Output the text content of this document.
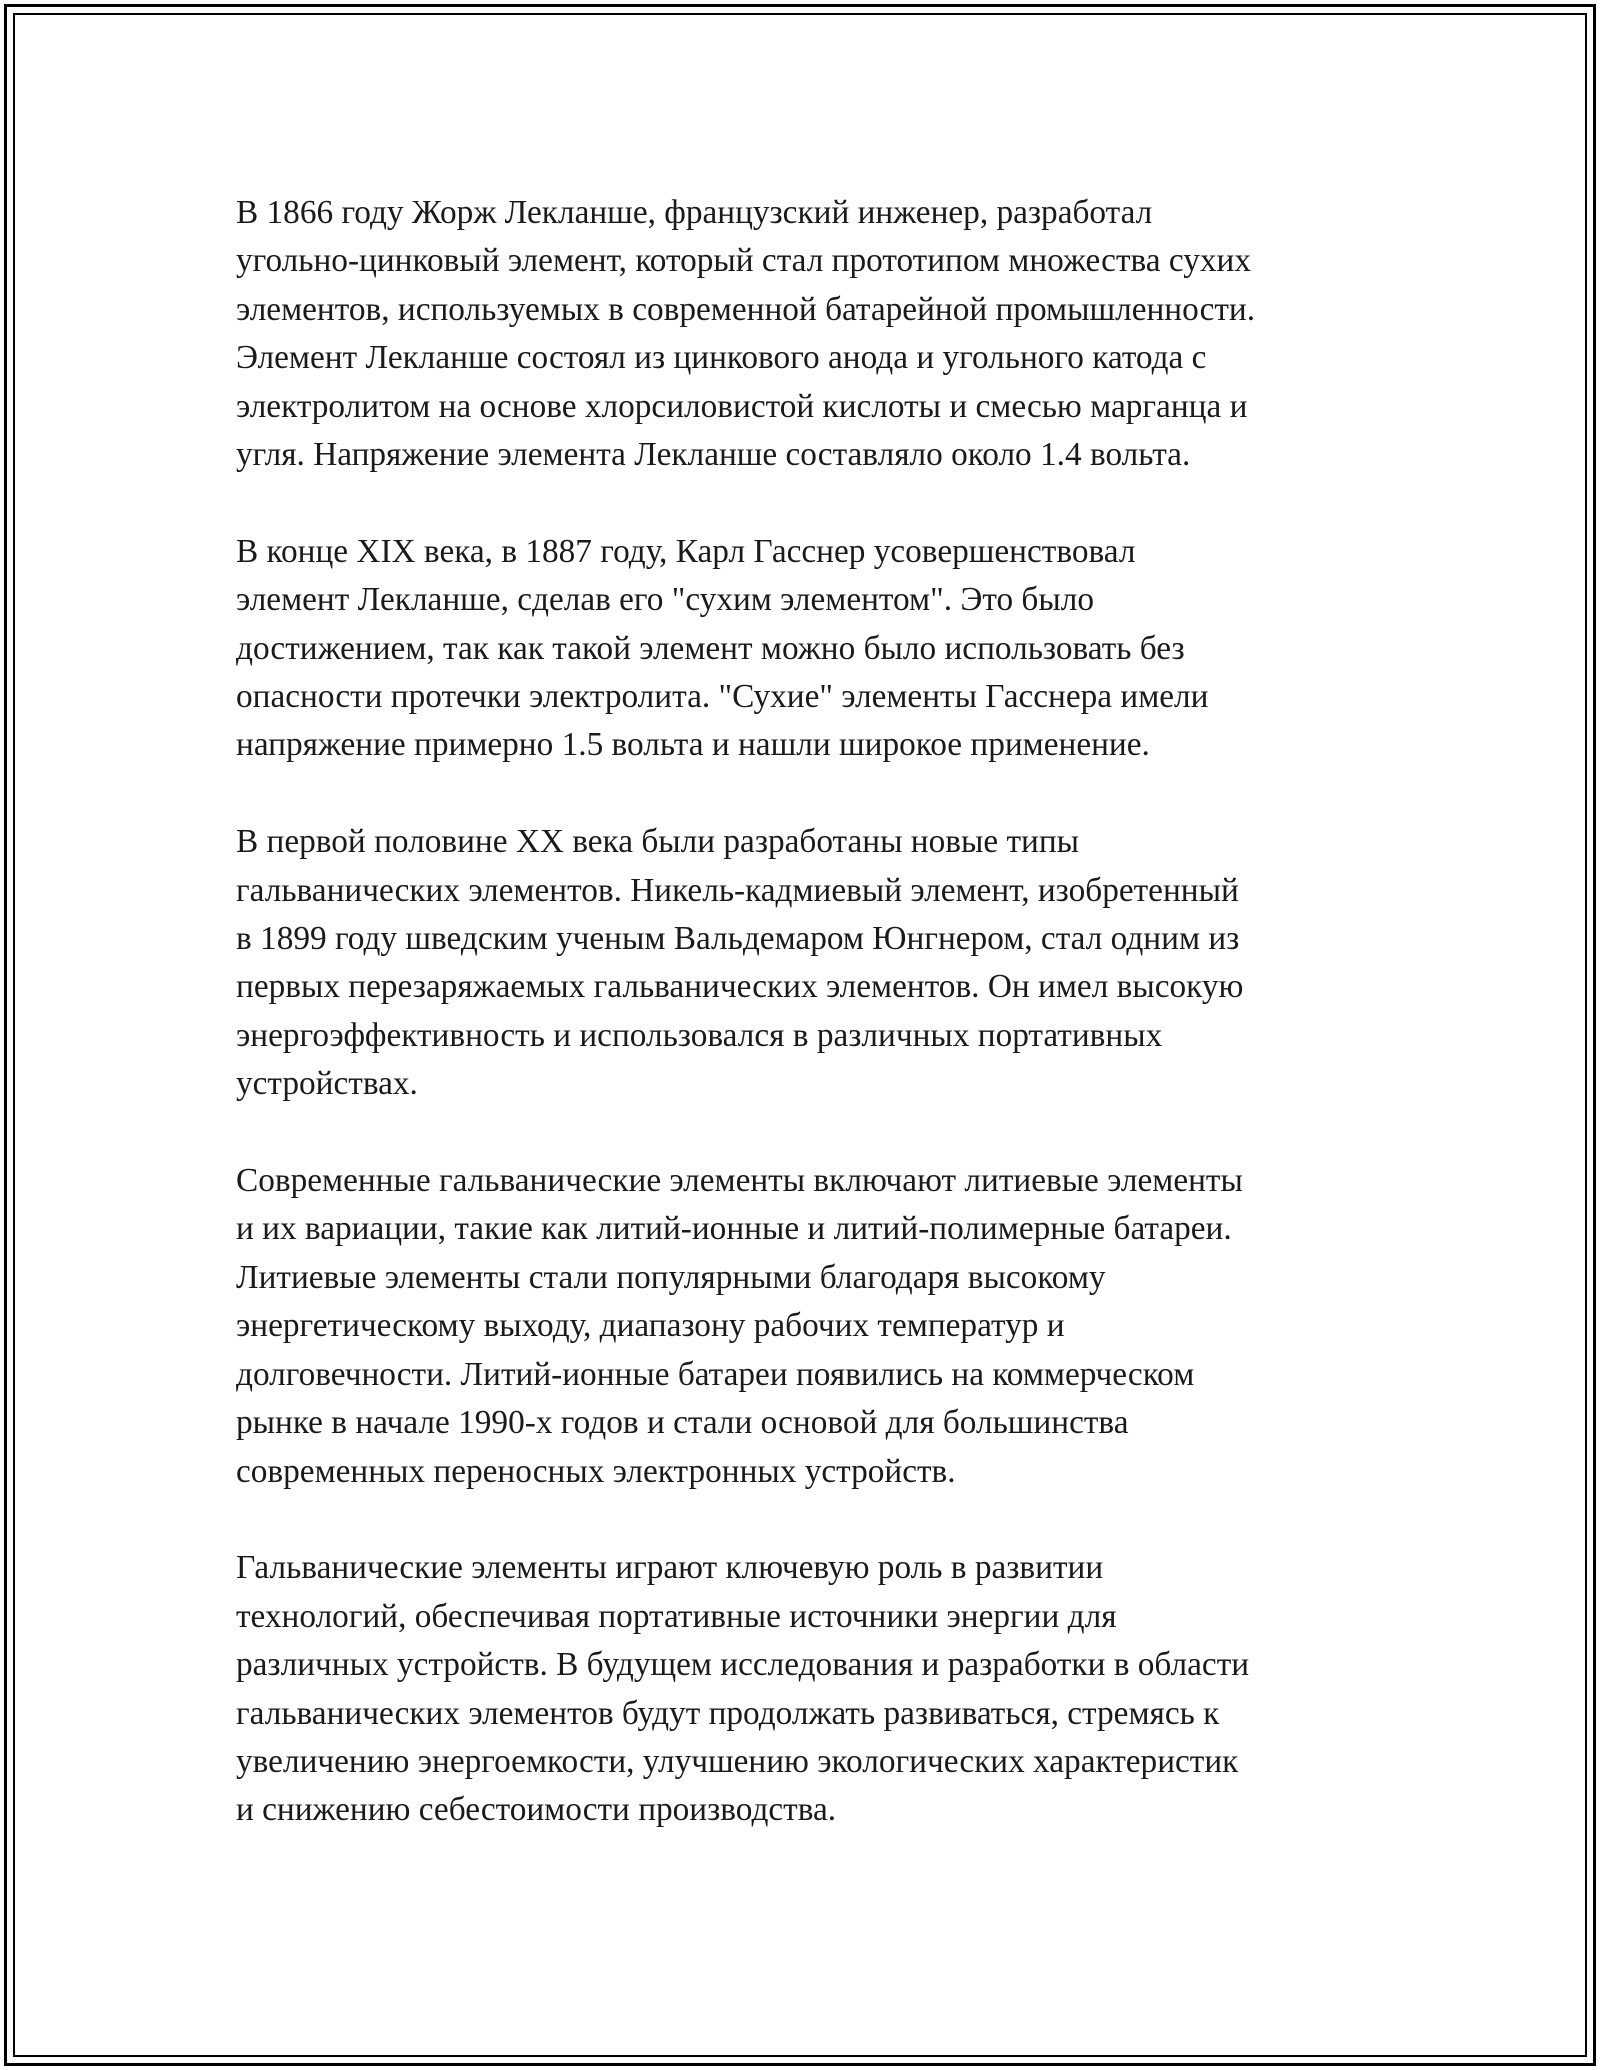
В 1866 году Жорж Лекланше, французский инженер, разработал
угольно-цинковый элемент, который стал прототипом множества сухих
элементов, используемых в современной батарейной промышленности.
Элемент Лекланше состоял из цинкового анода и угольного катода с
электролитом на основе хлорсиловистой кислоты и смесью марганца и
угля. Напряжение элемента Лекланше составляло около 1.4 вольта.

В конце XIX века, в 1887 году, Карл Гасснер усовершенствовал
элемент Лекланше, сделав его "сухим элементом". Это было
достижением, так как такой элемент можно было использовать без
опасности протечки электролита. "Сухие" элементы Гасснера имели
напряжение примерно 1.5 вольта и нашли широкое применение.

В первой половине XX века были разработаны новые типы
гальванических элементов. Никель-кадмиевый элемент, изобретенный
в 1899 году шведским ученым Вальдемаром Юнгнером, стал одним из
первых перезаряжаемых гальванических элементов. Он имел высокую
энергоэффективность и использовался в различных портативных
устройствах.

Современные гальванические элементы включают литиевые элементы
и их вариации, такие как литий-ионные и литий-полимерные батареи.
Литиевые элементы стали популярными благодаря высокому
энергетическому выходу, диапазону рабочих температур и
долговечности. Литий-ионные батареи появились на коммерческом
рынке в начале 1990-х годов и стали основой для большинства
современных переносных электронных устройств.

Гальванические элементы играют ключевую роль в развитии
технологий, обеспечивая портативные источники энергии для
различных устройств. В будущем исследования и разработки в области
гальванических элементов будут продолжать развиваться, стремясь к
увеличению энергоемкости, улучшению экологических характеристик
и снижению себестоимости производства.
